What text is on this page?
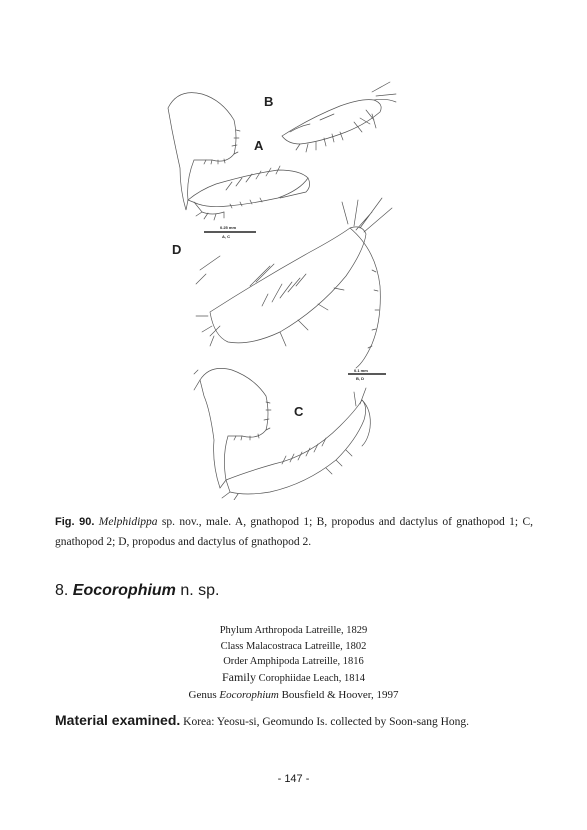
B
A
D
C
0.25 mm
A, C
0.1 mm
B, D
Fig. 90. Melphidippa sp. nov., male. A, gnathopod 1; B, propodus and dactylus of gnathopod 1; C, gnathopod 2; D, propodus and dactylus of gnathopod 2.
8. Eocorophium n. sp.
Phylum Arthropoda Latreille, 1829
Class Malacostraca Latreille, 1802
Order Amphipoda Latreille, 1816
Family Corophiidae Leach, 1814
Genus Eocorophium Bousfield & Hoover, 1997
Material examined. Korea: Yeosu-si, Geomundo Is. collected by Soon-sang Hong.
- 147 -
